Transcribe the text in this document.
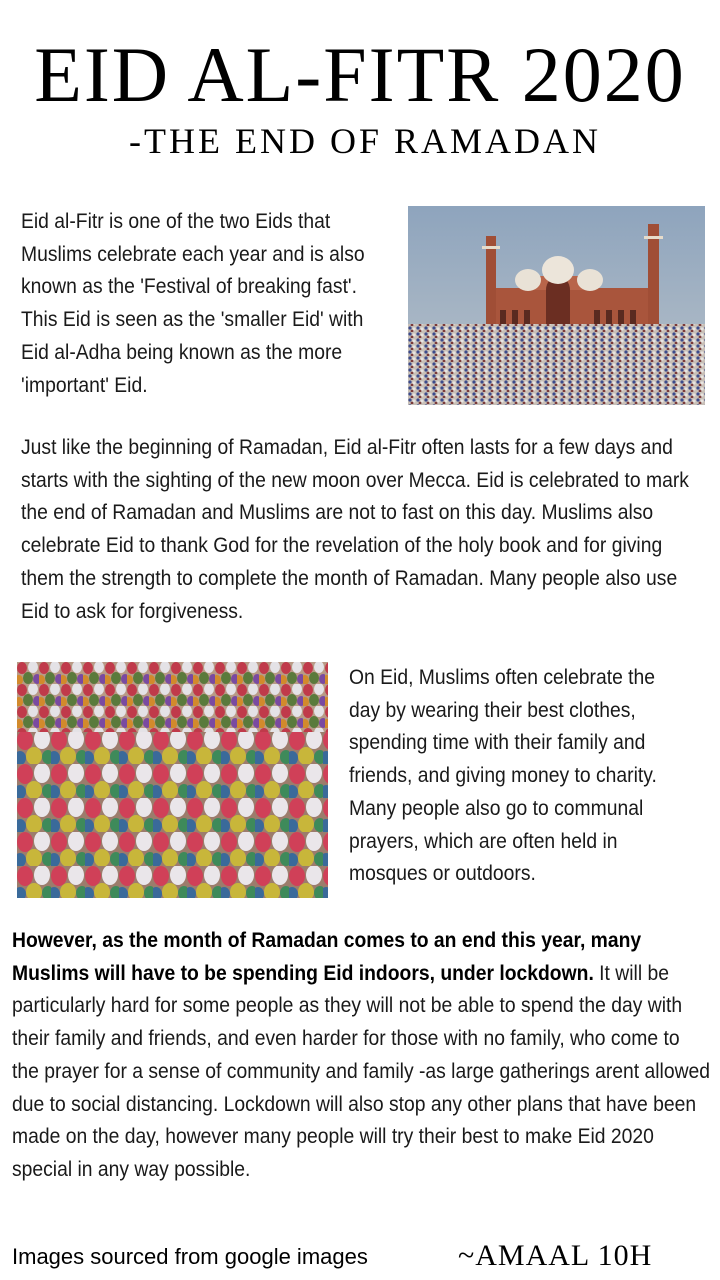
EID AL-FITR 2020
-THE END OF RAMADAN

Eid al-Fitr is one of the two Eids that Muslims celebrate each year and is also known as the 'Festival of breaking fast'. This Eid is seen as the 'smaller Eid' with Eid al-Adha being known as the more 'important' Eid.

Just like the beginning of Ramadan, Eid al-Fitr often lasts for a few days and starts with the sighting of the new moon over Mecca. Eid is celebrated to mark the end of Ramadan and Muslims are not to fast on this day. Muslims also celebrate Eid to thank God for the revelation of the holy book and for giving them the strength to complete the month of Ramadan. Many people also use Eid to ask for forgiveness.

On Eid, Muslims often celebrate the day by wearing their best clothes, spending time with their family and friends, and giving money to charity. Many people also go to communal prayers, which are often held in mosques or outdoors.

However, as the month of Ramadan comes to an end this year, many Muslims will have to be spending Eid indoors, under lockdown. It will be particularly hard for some people as they will not be able to spend the day with their family and friends, and even harder for those with no family, who come to the prayer for a sense of community and family -as large gatherings arent allowed due to social distancing. Lockdown will also stop any other plans that have been made on the day, however many people will try their best to make Eid 2020 special in any way possible.

Images sourced from google images	~AMAAL 10H
